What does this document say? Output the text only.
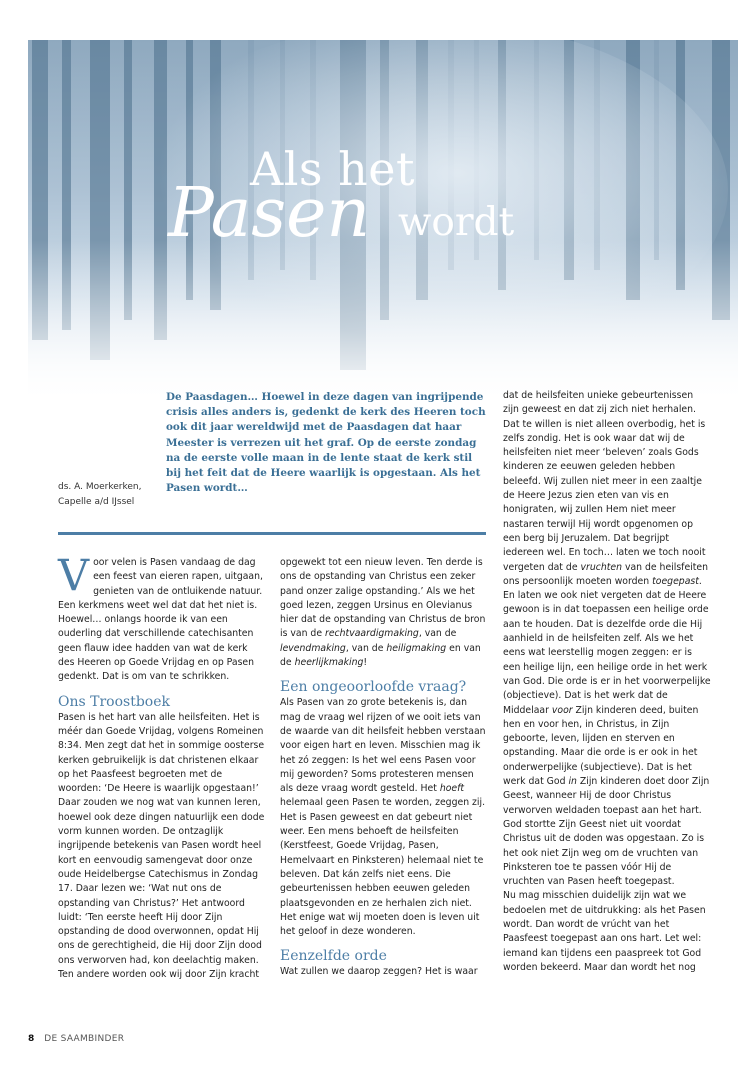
Als het
Pasen wordt
ds. A. Moerkerken,
Capelle a/d IJssel
De Paasdagen… Hoewel in deze dagen van ingrijpende crisis alles anders is, gedenkt de kerk des Heeren toch ook dit jaar wereldwijd met de Paasdagen dat haar Meester is verrezen uit het graf. Op de eerste zondag na de eerste volle maan in de lente staat de kerk stil bij het feit dat de Heere waarlijk is opgestaan. Als het Pasen wordt…

Voor velen is Pasen vandaag de dag een feest van eieren rapen, uitgaan, genieten van de ontluikende natuur. Een kerkmens weet wel dat dat het niet is. Hoewel… onlangs hoorde ik van een ouderling dat verschillende catechisanten geen flauw idee hadden van wat de kerk des Heeren op Goede Vrijdag en op Pasen gedenkt. Dat is om van te schrikken.

Ons Troostboek

Pasen is het hart van alle heilsfeiten. Het is méér dan Goede Vrijdag, volgens Romeinen 8:34. Men zegt dat het in sommige oosterse kerken gebruikelijk is dat christenen elkaar op het Paasfeest begroeten met de woorden: ‘De Heere is waarlijk opgestaan!’ Daar zouden we nog wat van kunnen leren, hoewel ook deze dingen natuurlijk een dode vorm kunnen worden. De ontzaglijk ingrijpende betekenis van Pasen wordt heel kort en eenvoudig samengevat door onze oude Heidelbergse Catechismus in Zondag 17. Daar lezen we: ‘Wat nut ons de opstanding van Christus?’ Het antwoord luidt: ‘Ten eerste heeft Hij door Zijn opstanding de dood overwonnen, opdat Hij ons de gerechtigheid, die Hij door Zijn dood ons verworven had, kon deelachtig maken. Ten andere worden ook wij door Zijn kracht

opgewekt tot een nieuw leven. Ten derde is ons de opstanding van Christus een zeker pand onzer zalige opstanding.’ Als we het goed lezen, zeggen Ursinus en Olevianus hier dat de opstanding van Christus de bron is van de rechtvaardigmaking, van de levendmaking, van de heiligmaking en van de heerlijkmaking!

Een ongeoorloofde vraag?

Als Pasen van zo grote betekenis is, dan mag de vraag wel rijzen of we ooit iets van de waarde van dit heilsfeit hebben verstaan voor eigen hart en leven. Misschien mag ik het zó zeggen: Is het wel eens Pasen voor mij geworden? Soms protesteren mensen als deze vraag wordt gesteld. Het hoeft helemaal geen Pasen te worden, zeggen zij. Het is Pasen geweest en dat gebeurt niet weer. Een mens behoeft de heilsfeiten (Kerstfeest, Goede Vrijdag, Pasen, Hemelvaart en Pinksteren) helemaal niet te beleven. Dat kán zelfs niet eens. Die gebeurtenissen hebben eeuwen geleden plaatsgevonden en ze herhalen zich niet. Het enige wat wij moeten doen is leven uit het geloof in deze wonderen.

Eenzelfde orde

Wat zullen we daarop zeggen? Het is waar

dat de heilsfeiten unieke gebeurtenissen zijn geweest en dat zij zich niet herhalen. Dat te willen is niet alleen overbodig, het is zelfs zondig. Het is ook waar dat wij de heilsfeiten niet meer ‘beleven’ zoals Gods kinderen ze eeuwen geleden hebben beleefd. Wij zullen niet meer in een zaaltje de Heere Jezus zien eten van vis en honigraten, wij zullen Hem niet meer nastaren terwijl Hij wordt opgenomen op een berg bij Jeruzalem. Dat begrijpt iedereen wel. En toch… laten we toch nooit vergeten dat de vruchten van de heilsfeiten ons persoonlijk moeten worden toegepast. En laten we ook niet vergeten dat de Heere gewoon is in dat toepassen een heilige orde aan te houden. Dat is dezelfde orde die Hij aanhield in de heilsfeiten zelf. Als we het eens wat leerstellig mogen zeggen: er is een heilige lijn, een heilige orde in het werk van God. Die orde is er in het voorwerpelijke (objectieve). Dat is het werk dat de Middelaar voor Zijn kinderen deed, buiten hen en voor hen, in Christus, in Zijn geboorte, leven, lijden en sterven en opstanding. Maar die orde is er ook in het onderwerpelijke (subjectieve). Dat is het werk dat God in Zijn kinderen doet door Zijn Geest, wanneer Hij de door Christus verworven weldaden toepast aan het hart. God stortte Zijn Geest niet uit voordat Christus uit de doden was opgestaan. Zo is het ook niet Zijn weg om de vruchten van Pinksteren toe te passen vóór Hij de vruchten van Pasen heeft toegepast.

Nu mag misschien duidelijk zijn wat we bedoelen met de uitdrukking: als het Pasen wordt. Dan wordt de vrúcht van het Paasfeest toegepast aan ons hart. Let wel: iemand kan tijdens een paaspreek tot God worden bekeerd. Maar dan wordt het nog

8 DE SAAMBINDER
